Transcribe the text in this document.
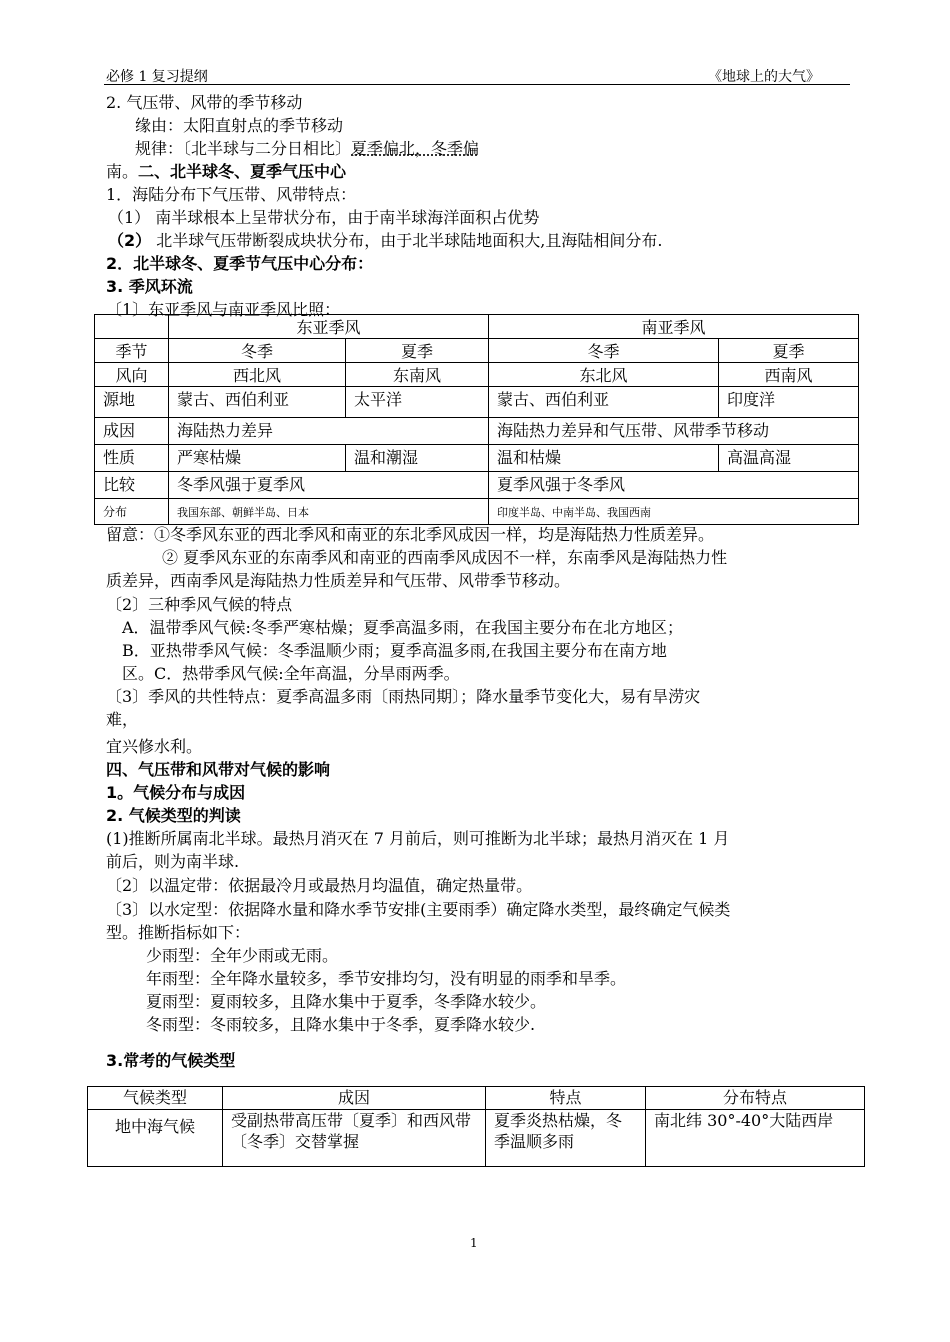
必修 1 复习提纲	《地球上的大气》
2. 气压带、风带的季节移动
缘由：太阳直射点的季节移动
规律：〔北半球与二分日相比〕夏季偏北，冬季偏
南。二、北半球冬、夏季气压中心
1．海陆分布下气压带、风带特点：
（1） 南半球根本上呈带状分布，由于南半球海洋面积占优势
（2） 北半球气压带断裂成块状分布，由于北半球陆地面积大,且海陆相间分布.
2．北半球冬、夏季节气压中心分布：
3. 季风环流
〔1〕东亚季风与南亚季风比照：
	东亚季风		南亚季风	
季节	冬季	夏季	冬季	夏季
风向	西北风	东南风	东北风	西南风
源地	蒙古、西伯利亚	太平洋	蒙古、西伯利亚	印度洋
成因	海陆热力差异		海陆热力差异和气压带、风带季节移动	
性质	严寒枯燥	温和潮湿	温和枯燥	高温高湿
比较	冬季风强于夏季风		夏季风强于冬季风	
分布	我国东部、朝鲜半岛、日本		印度半岛、中南半岛、我国西南	
留意：①冬季风东亚的西北季风和南亚的东北季风成因一样，均是海陆热力性质差异。
② 夏季风东亚的东南季风和南亚的西南季风成因不一样，东南季风是海陆热力性
质差异，西南季风是海陆热力性质差异和气压带、风带季节移动。
〔2〕三种季风气候的特点
A．温带季风气候:冬季严寒枯燥；夏季高温多雨，在我国主要分布在北方地区；
B．亚热带季风气候：冬季温顺少雨；夏季高温多雨,在我国主要分布在南方地
区。C．热带季风气候:全年高温，分旱雨两季。
〔3〕季风的共性特点：夏季高温多雨〔雨热同期〕；降水量季节变化大，易有旱涝灾
难，
宜兴修水利。
四、气压带和风带对气候的影响
1。气候分布与成因
2. 气候类型的判读
(1)推断所属南北半球。最热月消灭在 7 月前后，则可推断为北半球；最热月消灭在 1 月
前后，则为南半球.
〔2〕以温定带：依据最冷月或最热月均温值，确定热量带。
〔3〕以水定型：依据降水量和降水季节安排(主要雨季）确定降水类型，最终确定气候类
型。推断指标如下：
少雨型：全年少雨或无雨。
年雨型：全年降水量较多，季节安排均匀，没有明显的雨季和旱季。
夏雨型：夏雨较多，且降水集中于夏季，冬季降水较少。
冬雨型：冬雨较多，且降水集中于冬季，夏季降水较少.
3.常考的气候类型
气候类型	成因	特点	分布特点
地中海气候	受副热带高压带〔夏季〕和西风带〔冬季〕交替掌握	夏季炎热枯燥，冬季温顺多雨	南北纬 30°-40°大陆西岸
1
